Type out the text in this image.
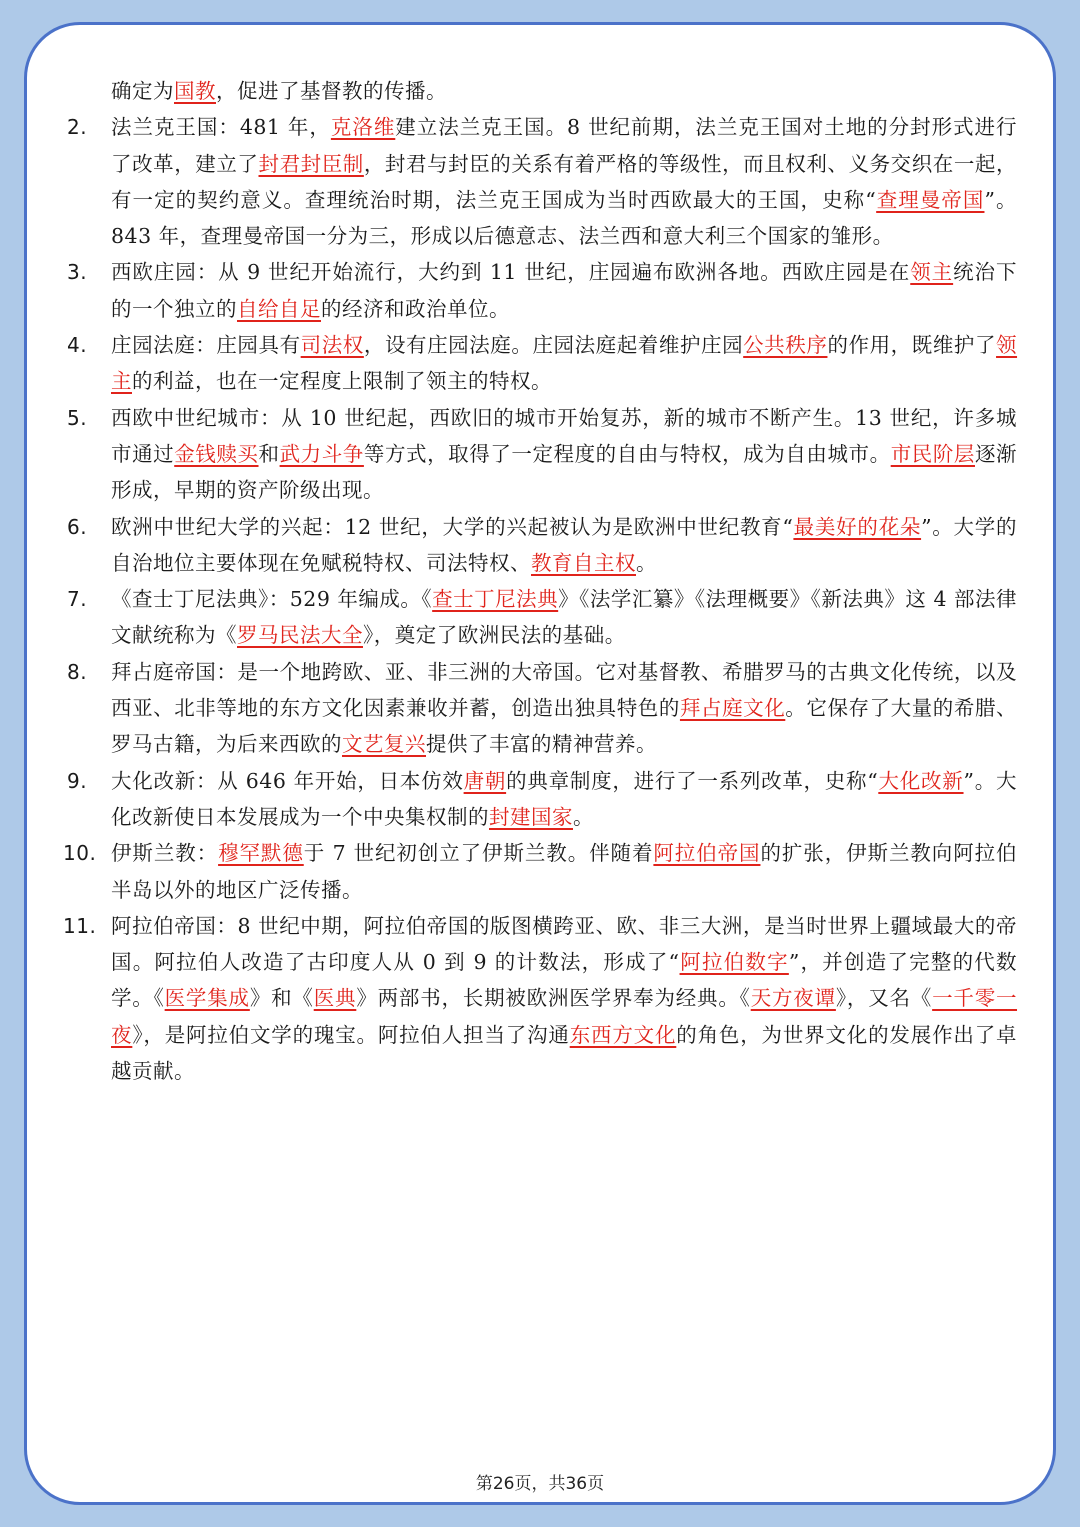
确定为国教，促进了基督教的传播。
2.	法兰克王国：481 年，克洛维建立法兰克王国。8 世纪前期，法兰克王国对土地的分封形式进行了改革，建立了封君封臣制，封君与封臣的关系有着严格的等级性，而且权利、义务交织在一起，有一定的契约意义。查理统治时期，法兰克王国成为当时西欧最大的王国，史称“查理曼帝国”。843 年，查理曼帝国一分为三，形成以后德意志、法兰西和意大利三个国家的雏形。
3.	西欧庄园：从 9 世纪开始流行，大约到 11 世纪，庄园遍布欧洲各地。西欧庄园是在领主统治下的一个独立的自给自足的经济和政治单位。
4.	庄园法庭：庄园具有司法权，设有庄园法庭。庄园法庭起着维护庄园公共秩序的作用，既维护了领主的利益，也在一定程度上限制了领主的特权。
5.	西欧中世纪城市：从 10 世纪起，西欧旧的城市开始复苏，新的城市不断产生。13 世纪，许多城市通过金钱赎买和武力斗争等方式，取得了一定程度的自由与特权，成为自由城市。市民阶层逐渐形成，早期的资产阶级出现。
6.	欧洲中世纪大学的兴起：12 世纪，大学的兴起被认为是欧洲中世纪教育“最美好的花朵”。大学的自治地位主要体现在免赋税特权、司法特权、教育自主权。
7.	《查士丁尼法典》：529 年编成。《查士丁尼法典》《法学汇纂》《法理概要》《新法典》这 4 部法律文献统称为《罗马民法大全》，奠定了欧洲民法的基础。
8.	拜占庭帝国：是一个地跨欧、亚、非三洲的大帝国。它对基督教、希腊罗马的古典文化传统，以及西亚、北非等地的东方文化因素兼收并蓄，创造出独具特色的拜占庭文化。它保存了大量的希腊、罗马古籍，为后来西欧的文艺复兴提供了丰富的精神营养。
9.	大化改新：从 646 年开始，日本仿效唐朝的典章制度，进行了一系列改革，史称“大化改新”。大化改新使日本发展成为一个中央集权制的封建国家。
10. 伊斯兰教：穆罕默德于 7 世纪初创立了伊斯兰教。伴随着阿拉伯帝国的扩张，伊斯兰教向阿拉伯半岛以外的地区广泛传播。
11. 阿拉伯帝国：8 世纪中期，阿拉伯帝国的版图横跨亚、欧、非三大洲，是当时世界上疆域最大的帝国。阿拉伯人改造了古印度人从 0 到 9 的计数法，形成了“阿拉伯数字”，并创造了完整的代数学。《医学集成》和《医典》两部书，长期被欧洲医学界奉为经典。《天方夜谭》，又名《一千零一夜》，是阿拉伯文学的瑰宝。阿拉伯人担当了沟通东西方文化的角色，为世界文化的发展作出了卓越贡献。
第26页，共36页
